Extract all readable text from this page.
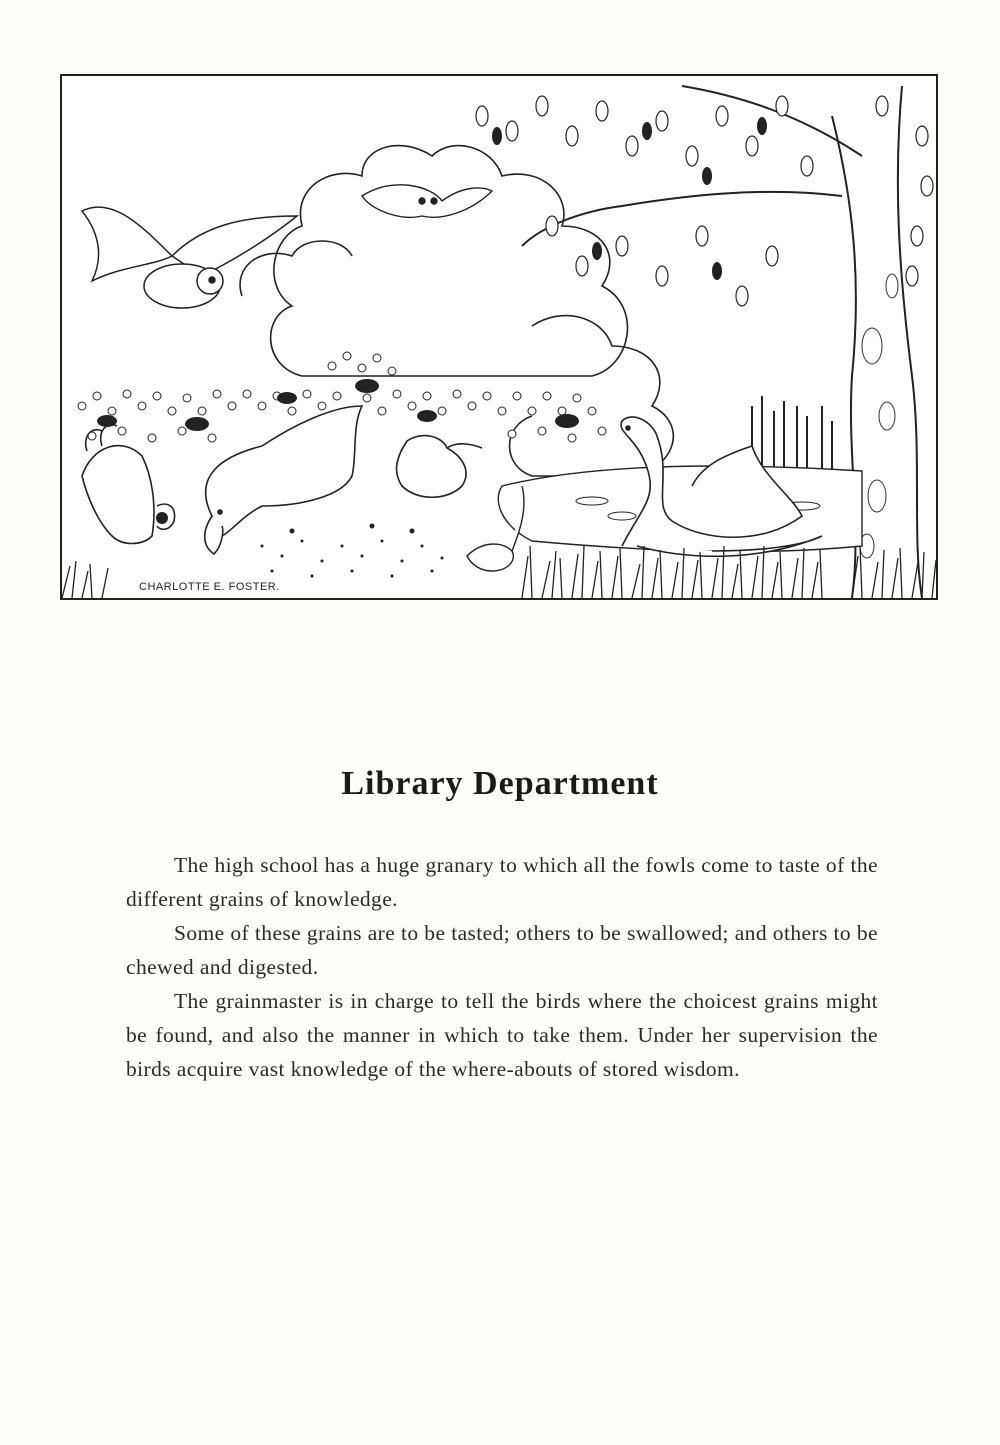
CHARLOTTE E. FOSTER.
Library Department

The high school has a huge granary to which all the fowls come to taste of the different grains of knowledge.

Some of these grains are to be tasted; others to be swallowed; and others to be chewed and digested.

The grainmaster is in charge to tell the birds where the choicest grains might be found, and also the manner in which to take them. Under her supervision the birds acquire vast knowledge of the where-abouts of stored wisdom.
